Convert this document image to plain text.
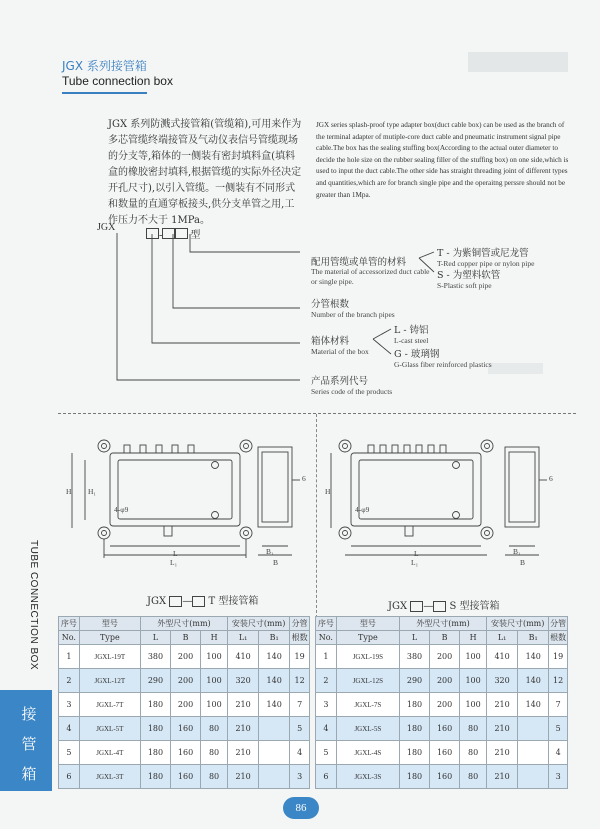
JGX 系列接管箱
Tube connection box
JGX 系列防溅式接管箱(管缆箱),可用来作为多芯管缆终端接管及气动仪表信号管缆现场的分支等,箱体的一侧装有密封填料盒(填料盒的橡胶密封填料,根据管缆的实际外径决定开孔尺寸),以引入管缆。一侧装有不同形式和数量的直通穿板接头,供分支单管之用,工作压力不大于 1MPa。
JGX series splash-proof type adapter box(duct cable box) can be used as the branch of the terminal adapter of mutiple-core duct cable and pneumatic instrument signal pipe cable.The box has the sealing stuffing box(According to the actual outer diameter to decide the hole size on the rubber sealing filler of the stuffing box) on one side,which is used to input the duct cable.The other side has straight threading joint of different types and quantities,which are for branch single pipe and the operaitng perssre should not be greater than 1Mpa.
JGX
-	型
配用管缆或单管的材料
The material of accessorized duct cable or single pipe.
T - 为紫铜管或尼龙管
T-Red copper pipe or nylon pipe
S - 为塑料软管
S-Plastic soft pipe
分管根数
Number of the branch pipes
箱体材料
Material of the box
L - 铸铝
L-cast steel
G - 玻璃钢
G-Glass fiber reinforced plastics
产品系列代号
Series code of the products
H H₁
L
L₁
B₁
B
6
4-φ9
H
L
L₁
B₁
B
6
4-φ9
JGX — T 型接管箱	JGX — S 型接管箱
序号	型号	外型尺寸(mm)			安装尺寸(mm)		分管
No.	Type	L	B	H	L₁	B₁	根数
1	JGXL-19T	380	200	100	410	140	19
2	JGXL-12T	290	200	100	320	140	12
3	JGXL-7T	180	200	100	210	140	7
4	JGXL-5T	180	160	80	210		5
5	JGXL-4T	180	160	80	210		4
6	JGXL-3T	180	160	80	210		3
序号	型号	外型尺寸(mm)			安装尺寸(mm)		分管
No.	Type	L	B	H	L₁	B₁	根数
1	JGXL-19S	380	200	100	410	140	19
2	JGXL-12S	290	200	100	320	140	12
3	JGXL-7S	180	200	100	210	140	7
4	JGXL-5S	180	160	80	210		5
5	JGXL-4S	180	160	80	210		4
6	JGXL-3S	180	160	80	210		3
TUBE CONNECTION BOX
接
管
箱
86
